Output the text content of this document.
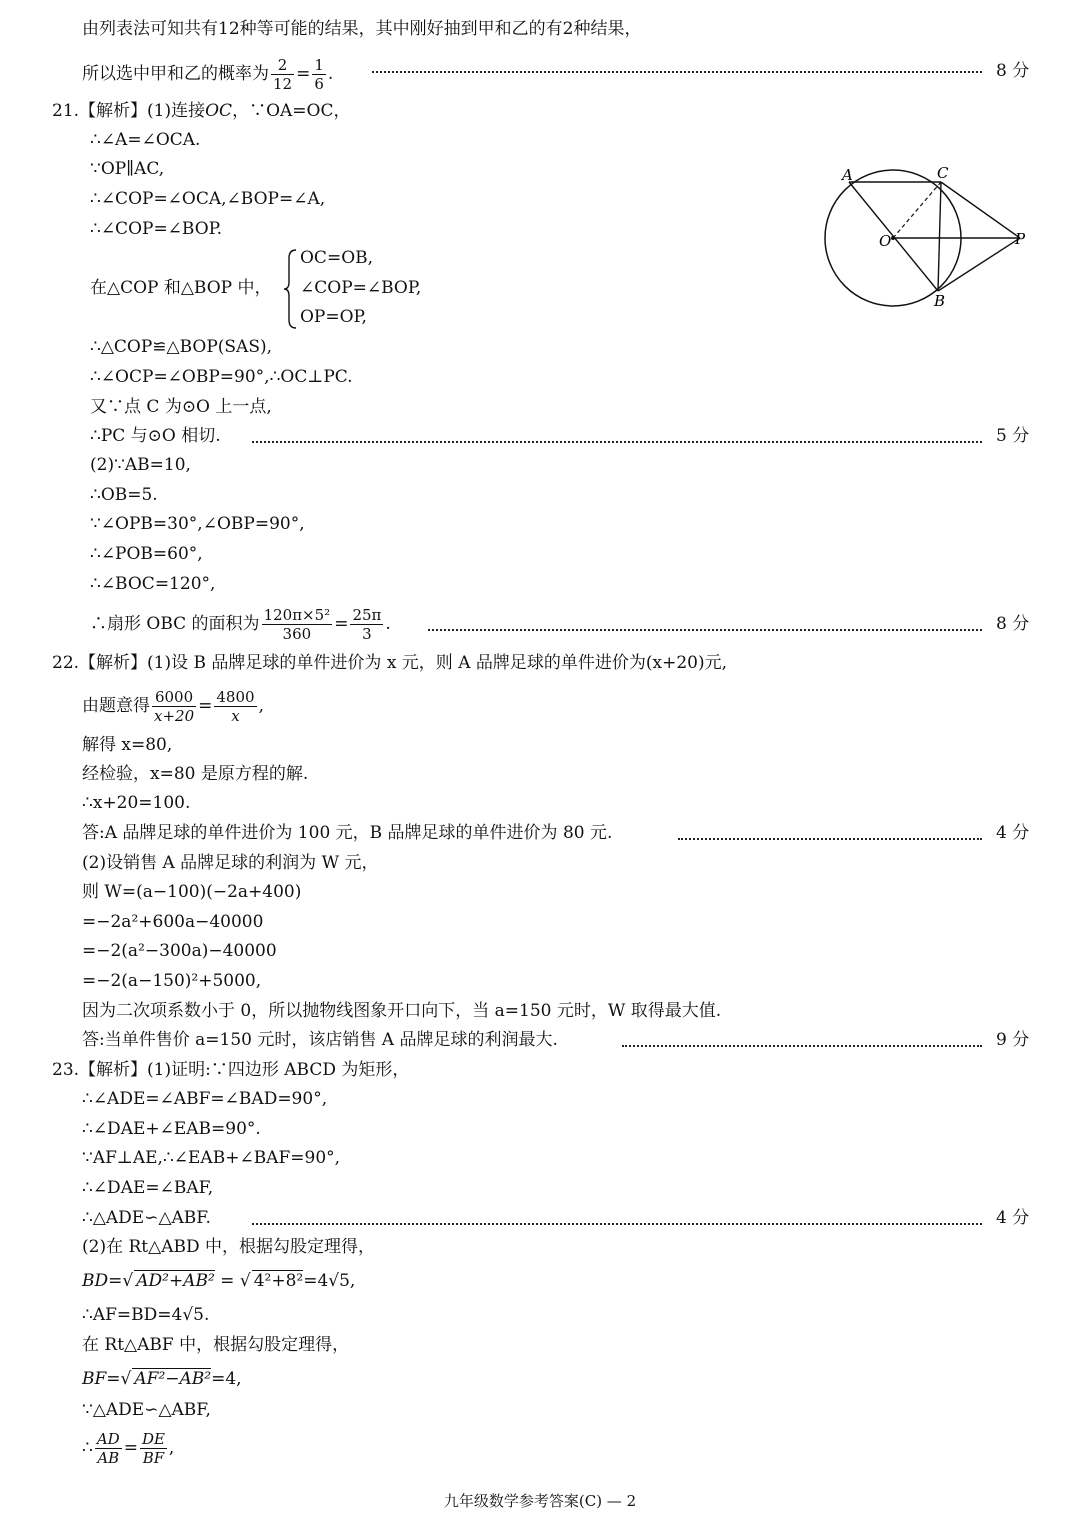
由列表法可知共有12种等可能的结果，其中刚好抽到甲和乙的有2种结果，
所以选中甲和乙的概率为 $\frac{2}{12} = \frac{1}{6}$ .	8 分
21.【解析】(1)连接OC，∵OA=OC，
∴∠A=∠OCA.
∵OP∥AC,
∴∠COP=∠OCA,∠BOP=∠A,
∴∠COP=∠BOP.
在△COP 和△BOP 中，
OC=OB,
∠COP=∠BOP,
OP=OP,
∴△COP≌△BOP(SAS),
∴∠OCP=∠OBP=90°,∴OC⊥PC.
又∵点 C 为⊙O 上一点,
∴PC 与⊙O 相切.	5 分
(2)∵AB=10,
∴OB=5.
∵∠OPB=30°,∠OBP=90°,
∴∠POB=60°,
∴∠BOC=120°,
∴扇形 OBC 的面积为 $\frac{\text{120π×5²}}{360} = \frac{25\pi}{3}$ .	8 分
22.【解析】(1)设 B 品牌足球的单件进价为 x 元，则 A 品牌足球的单件进价为(x+20)元,
由题意得 $\frac{6000}{x+20} = \frac{4800}{x}$ ,
解得 x=80,
经检验，x=80 是原方程的解.
∴x+20=100.
答:A 品牌足球的单件进价为 100 元，B 品牌足球的单件进价为 80 元.	4 分
(2)设销售 A 品牌足球的利润为 W 元，
则 W=(a−100)(−2a+400)
=−2a²+600a−40000
=−2(a²−300a)−40000
=−2(a−150)²+5000,
因为二次项系数小于 0，所以抛物线图象开口向下，当 a=150 元时，W 取得最大值.
答:当单件售价 a=150 元时，该店销售 A 品牌足球的利润最大.	9 分
23.【解析】(1)证明:∵四边形 ABCD 为矩形，
∴∠ADE=∠ABF=∠BAD=90°,
∴∠DAE+∠EAB=90°.
∵AF⊥AE,∴∠EAB+∠BAF=90°,
∴∠DAE=∠BAF,
∴△ADE∽△ABF.	4 分
(2)在 Rt△ABD 中，根据勾股定理得，
BD=√ AD²+AB² = √ 4²+8²=4√5,
∴AF=BD=4√5.
在 Rt△ABF 中，根据勾股定理得，
BF=√ AF²−AB²=4,
∵△ADE∽△ABF,
∴ $\frac{AD}{AB} = \frac{DE}{BF}$ ,
A	C
O	P
B
九年级数学参考答案(C) — 2
